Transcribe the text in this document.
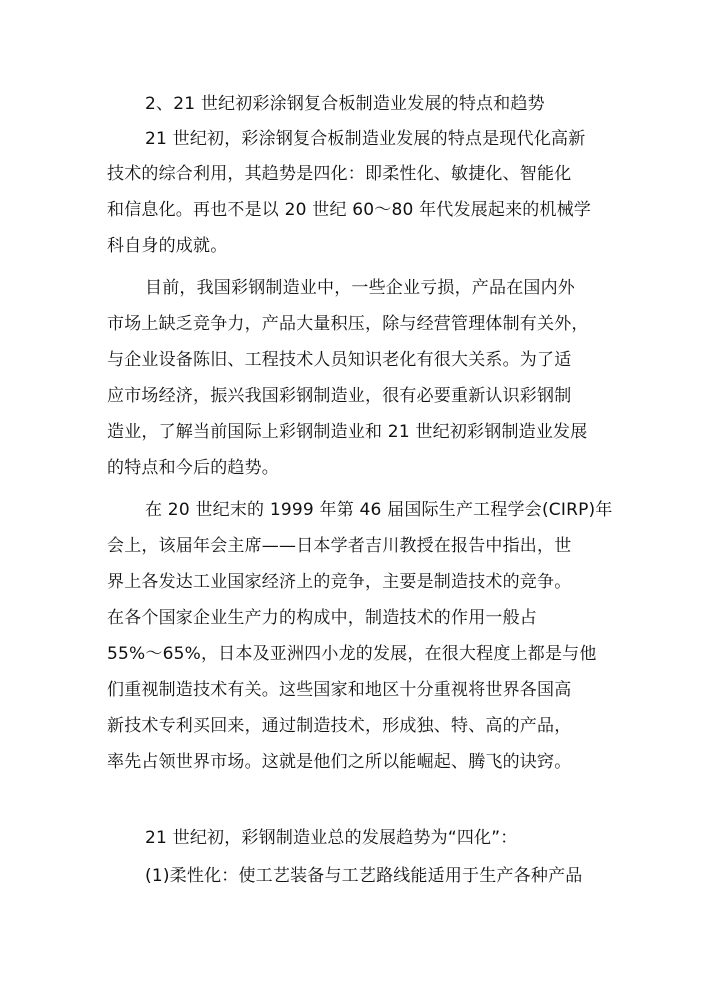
2、21 世纪初彩涂钢复合板制造业发展的特点和趋势
21 世纪初，彩涂钢复合板制造业发展的特点是现代化高新
技术的综合利用，其趋势是四化：即柔性化、敏捷化、智能化
和信息化。再也不是以 20 世纪 60～80 年代发展起来的机械学
科自身的成就。
目前，我国彩钢制造业中，一些企业亏损，产品在国内外
市场上缺乏竞争力，产品大量积压，除与经营管理体制有关外，
与企业设备陈旧、工程技术人员知识老化有很大关系。为了适
应市场经济，振兴我国彩钢制造业，很有必要重新认识彩钢制
造业，了解当前国际上彩钢制造业和 21 世纪初彩钢制造业发展
的特点和今后的趋势。
在 20 世纪末的 1999 年第 46 届国际生产工程学会(CIRP)年
会上，该届年会主席——日本学者吉川教授在报告中指出，世
界上各发达工业国家经济上的竞争，主要是制造技术的竞争。
在各个国家企业生产力的构成中，制造技术的作用一般占
55%～65%，日本及亚洲四小龙的发展，在很大程度上都是与他
们重视制造技术有关。这些国家和地区十分重视将世界各国高
新技术专利买回来，通过制造技术，形成独、特、高的产品，
率先占领世界市场。这就是他们之所以能崛起、腾飞的诀窍。
21 世纪初，彩钢制造业总的发展趋势为“四化”：
(1)柔性化：使工艺装备与工艺路线能适用于生产各种产品
